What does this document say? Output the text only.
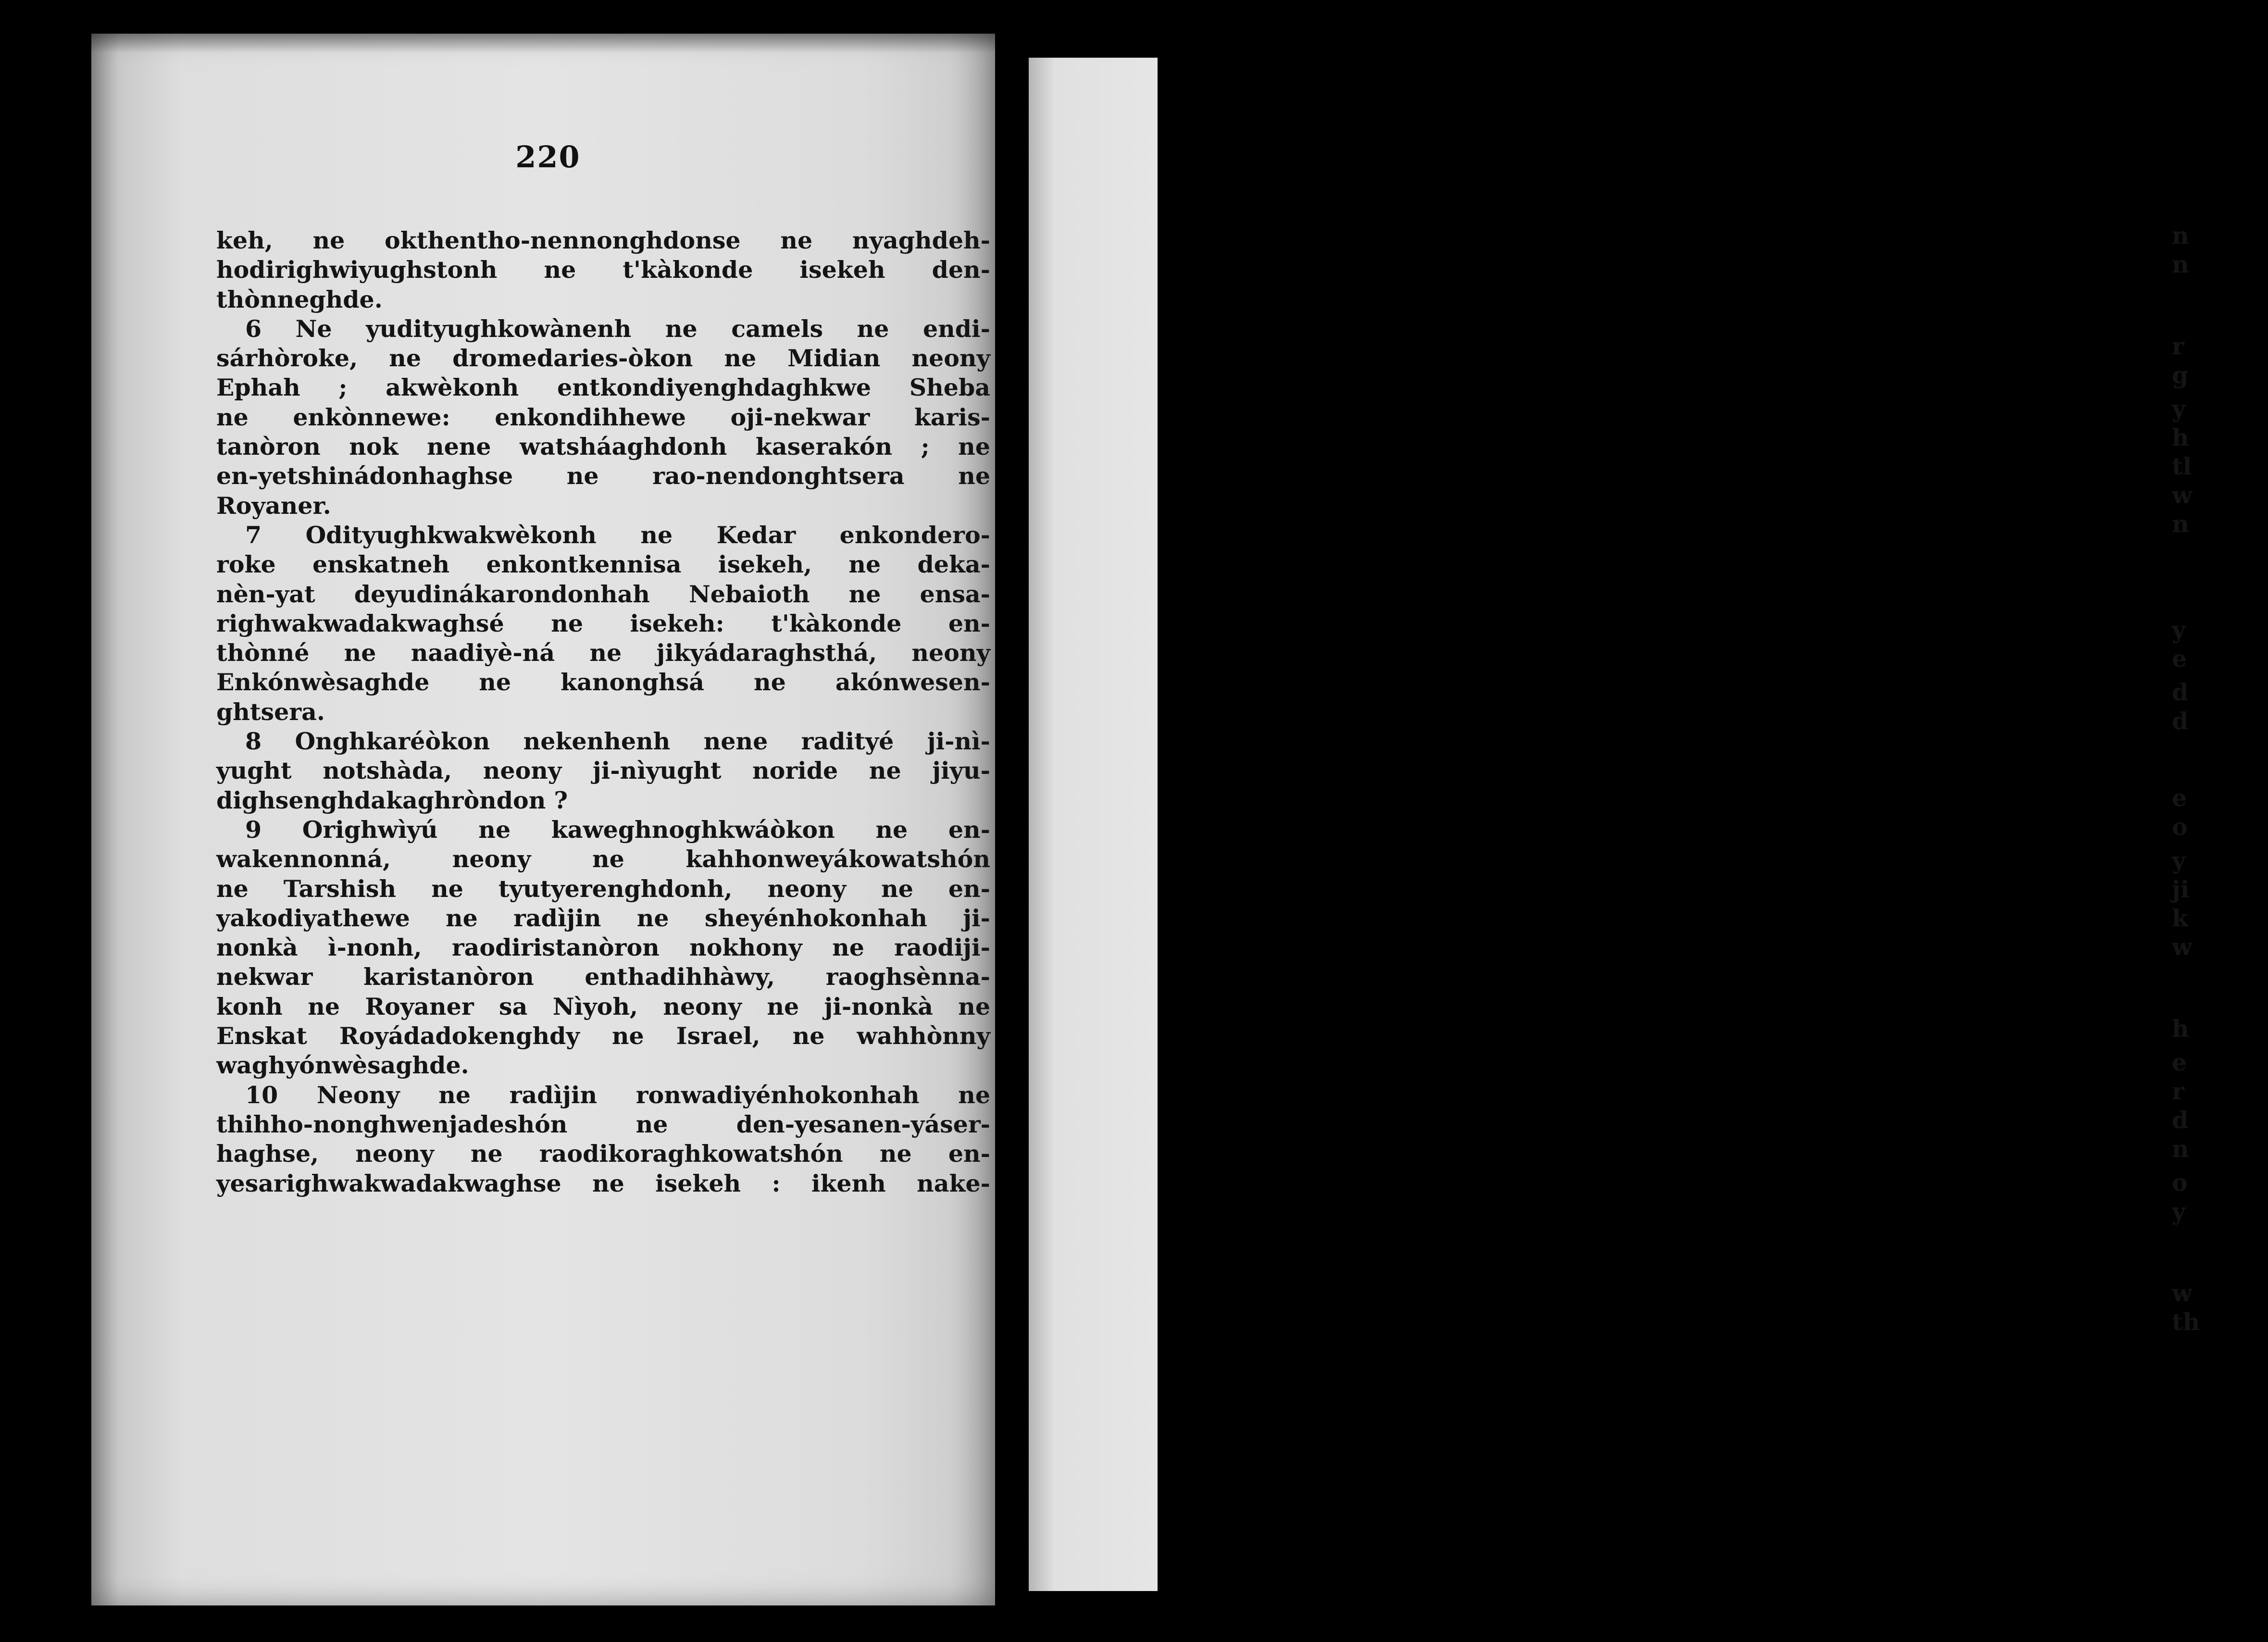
220
keh, ne okthentho-nennonghdonse ne nyaghdeh-
hodirighwiyughstonh ne t'kàkonde isekeh den-
thònneghde.
6 Ne yudityughkowànenh ne camels ne endi-
sárhòroke, ne dromedaries-òkon ne Midian neony
Ephah ; akwèkonh entkondiyenghdaghkwe Sheba
ne enkònnewe: enkondihhewe oji-nekwar karis-
tanòron nok nene watsháaghdonh kaserakón ; ne
en-yetshinádonhaghse ne rao-nendonghtsera ne
Royaner.
7 Odityughkwakwèkonh ne Kedar enkondero-
roke enskatneh enkontkennisa isekeh, ne deka-
nèn-yat deyudinákarondonhah Nebaioth ne ensa-
righwakwadakwaghsé ne isekeh: t'kàkonde en-
thònné ne naadiyè-ná ne jikyádaraghsthá, neony
Enkónwèsaghde ne kanonghsá ne akónwesen-
ghtsera.
8 Onghkaréòkon nekenhenh nene radityé ji-nì-
yught notshàda, neony ji-nìyught noride ne jiyu-
dighsenghdakaghròndon ?
9 Orighwìyú ne kaweghnoghkwáòkon ne en-
wakennonná, neony ne kahhonweyákowatshón
ne Tarshish ne tyutyerenghdonh, neony ne en-
yakodiyathewe ne radìjin ne sheyénhokonhah ji-
nonkà ì-nonh, raodiristanòron nokhony ne raodiji-
nekwar karistanòron enthadihhàwy, raoghsènna-
konh ne Royaner sa Nìyoh, neony ne ji-nonkà ne
Enskat Royádadokenghdy ne Israel, ne wahhònny
waghyónwèsaghde.
10 Neony ne radìjin ronwadiyénhokonhah ne
thihho-nonghwenjadeshón ne den-yesanen-yáser-
haghse, neony ne raodikoraghkowatshón ne en-
yesarighwakwadakwaghse ne isekeh : ikenh nake-
n
n
r
g
y
h
tl
w
n
y
e
d
d
e
o
y
ji
k
w
h
e
r
d
n
o
y
w
th
